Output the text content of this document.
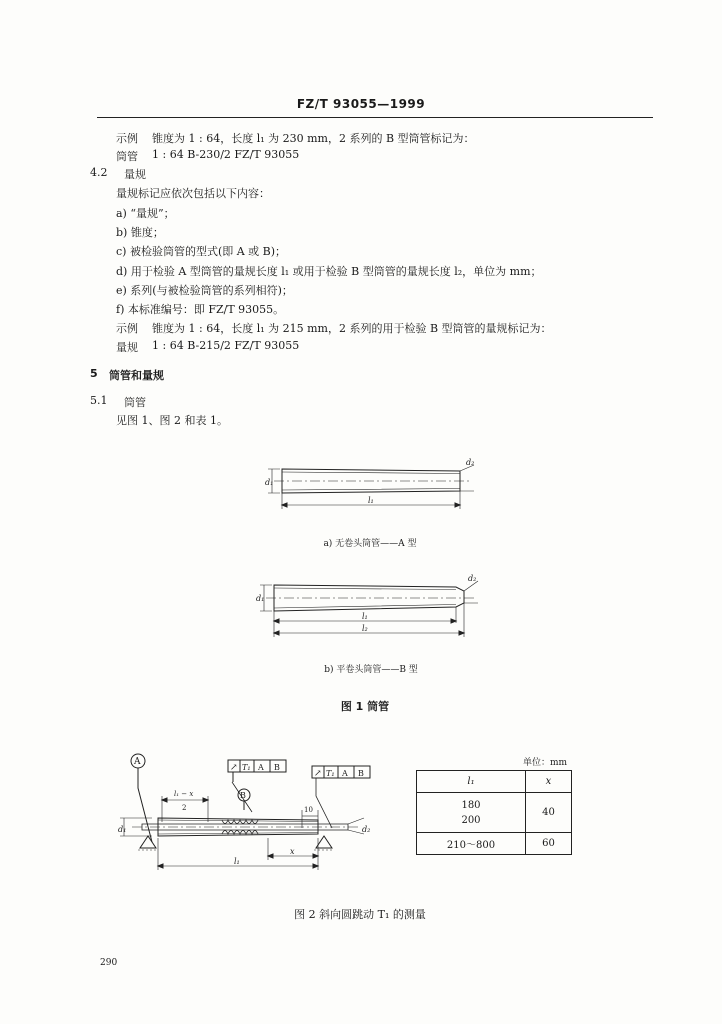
FZ/T 93055—1999
示例 锥度为 1 : 64，长度 l₁ 为 230 mm，2 系列的 B 型筒管标记为：
筒管 1 : 64 B-230/2 FZ/T 93055
4.2 量规
量规标记应依次包括以下内容：
a) “量规”；
b) 锥度；
c) 被检验筒管的型式(即 A 或 B)；
d) 用于检验 A 型筒管的量规长度 l₁ 或用于检验 B 型筒管的量规长度 l₂，单位为 mm；
e) 系列(与被检验筒管的系列相符)；
f) 本标准编号：即 FZ/T 93055。
示例 锥度为 1 : 64，长度 l₁ 为 215 mm，2 系列的用于检验 B 型筒管的量规标记为：
量规 1 : 64 B-215/2 FZ/T 93055
5 筒管和量规
5.1 筒管
见图 1、图 2 和表 1。
d₁
d₂
l₁
a) 无卷头筒管——A 型
d₁
d₂
l₁
l₂
b) 平卷头筒管——B 型
图 1 筒管
A
B
↗ T₁ A B
↗ T₁ A B
l₁ − x
2	10
l₁
x
d₁	d₂
单位：mm
l₁	x

180
200	40
210～800	60
图 2 斜向圆跳动 T₁ 的测量
290
